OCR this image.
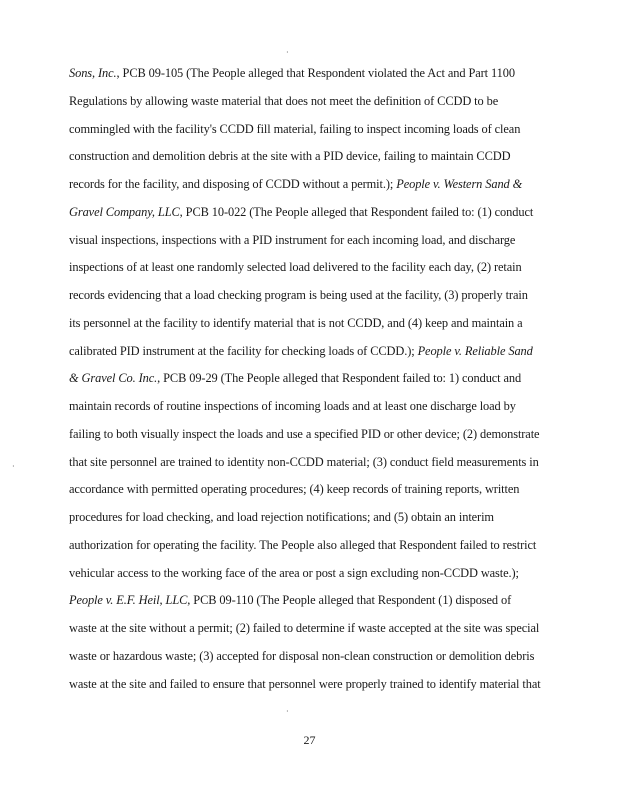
·
·
·
Sons, Inc., PCB 09-105 (The People alleged that Respondent violated the Act and Part 1100
Regulations by allowing waste material that does not meet the definition of CCDD to be
commingled with the facility's CCDD fill material, failing to inspect incoming loads of clean
construction and demolition debris at the site with a PID device, failing to maintain CCDD
records for the facility, and disposing of CCDD without a permit.); People v. Western Sand &
Gravel Company, LLC, PCB 10-022 (The People alleged that Respondent failed to: (1) conduct
visual inspections, inspections with a PID instrument for each incoming load, and discharge
inspections of at least one randomly selected load delivered to the facility each day, (2) retain
records evidencing that a load checking program is being used at the facility, (3) properly train
its personnel at the facility to identify material that is not CCDD, and (4) keep and maintain a
calibrated PID instrument at the facility for checking loads of CCDD.); People v. Reliable Sand
& Gravel Co. Inc., PCB 09-29 (The People alleged that Respondent failed to: 1) conduct and
maintain records of routine inspections of incoming loads and at least one discharge load by
failing to both visually inspect the loads and use a specified PID or other device; (2) demonstrate
that site personnel are trained to identity non-CCDD material; (3) conduct field measurements in
accordance with permitted operating procedures; (4) keep records of training reports, written
procedures for load checking, and load rejection notifications; and (5) obtain an interim
authorization for operating the facility. The People also alleged that Respondent failed to restrict
vehicular access to the working face of the area or post a sign excluding non-CCDD waste.);
People v. E.F. Heil, LLC, PCB 09-110 (The People alleged that Respondent (1) disposed of
waste at the site without a permit; (2) failed to determine if waste accepted at the site was special
waste or hazardous waste; (3) accepted for disposal non-clean construction or demolition debris
waste at the site and failed to ensure that personnel were properly trained to identify material that
27
